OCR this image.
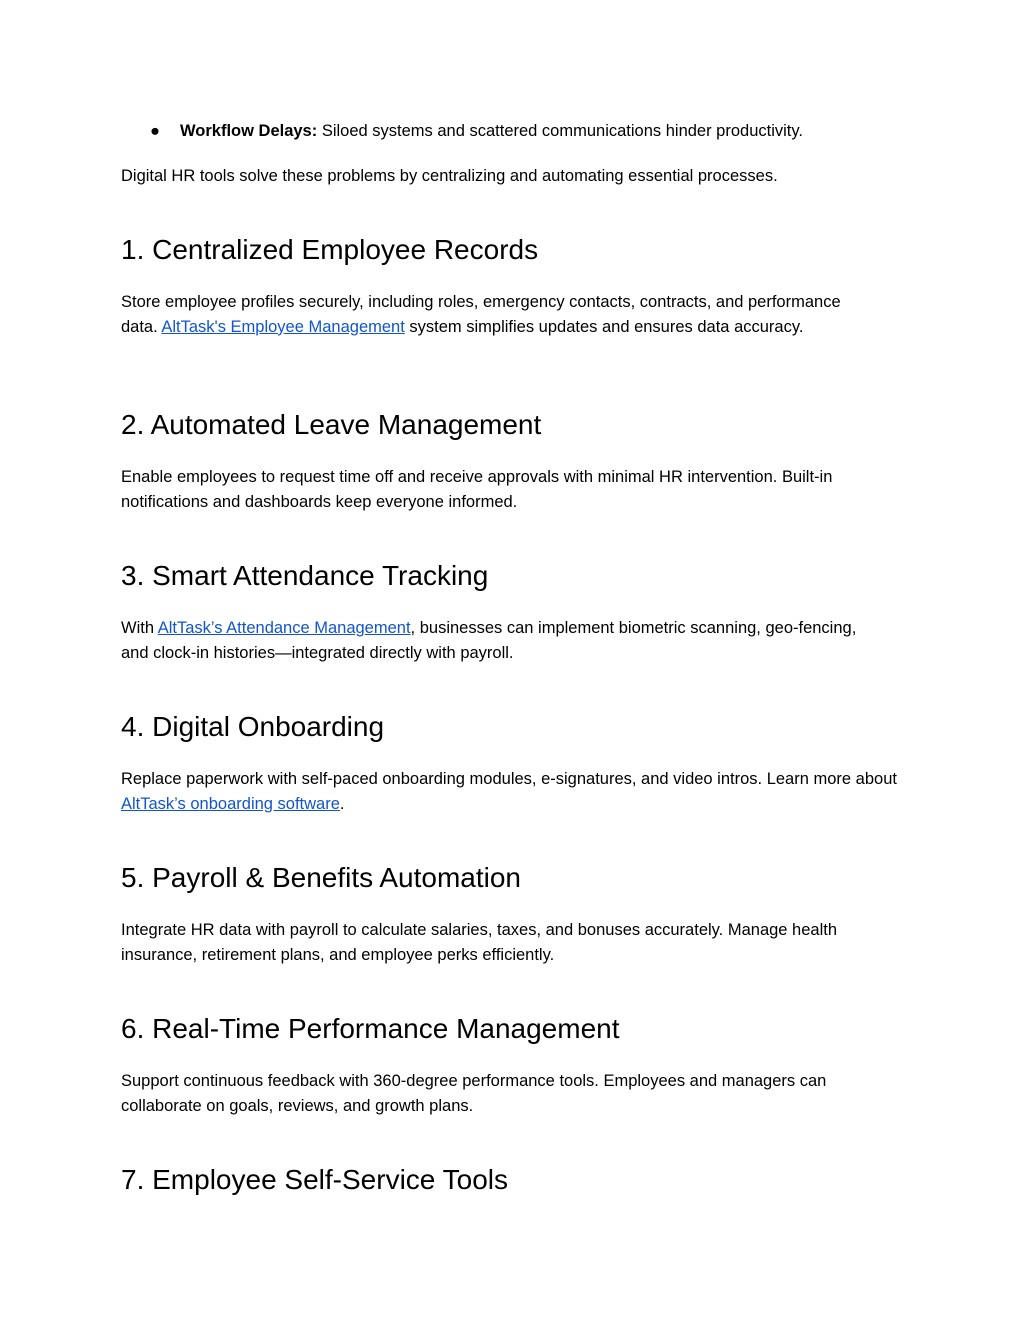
● Workflow Delays: Siloed systems and scattered communications hinder productivity.

Digital HR tools solve these problems by centralizing and automating essential processes.

1. Centralized Employee Records

Store employee profiles securely, including roles, emergency contacts, contracts, and performance data. AltTask's Employee Management system simplifies updates and ensures data accuracy.

2. Automated Leave Management

Enable employees to request time off and receive approvals with minimal HR intervention. Built-in notifications and dashboards keep everyone informed.

3. Smart Attendance Tracking

With AltTask’s Attendance Management, businesses can implement biometric scanning, geo-fencing, and clock-in histories—integrated directly with payroll.

4. Digital Onboarding

Replace paperwork with self-paced onboarding modules, e-signatures, and video intros. Learn more about AltTask’s onboarding software.

5. Payroll & Benefits Automation

Integrate HR data with payroll to calculate salaries, taxes, and bonuses accurately. Manage health insurance, retirement plans, and employee perks efficiently.

6. Real-Time Performance Management

Support continuous feedback with 360-degree performance tools. Employees and managers can collaborate on goals, reviews, and growth plans.

7. Employee Self-Service Tools
